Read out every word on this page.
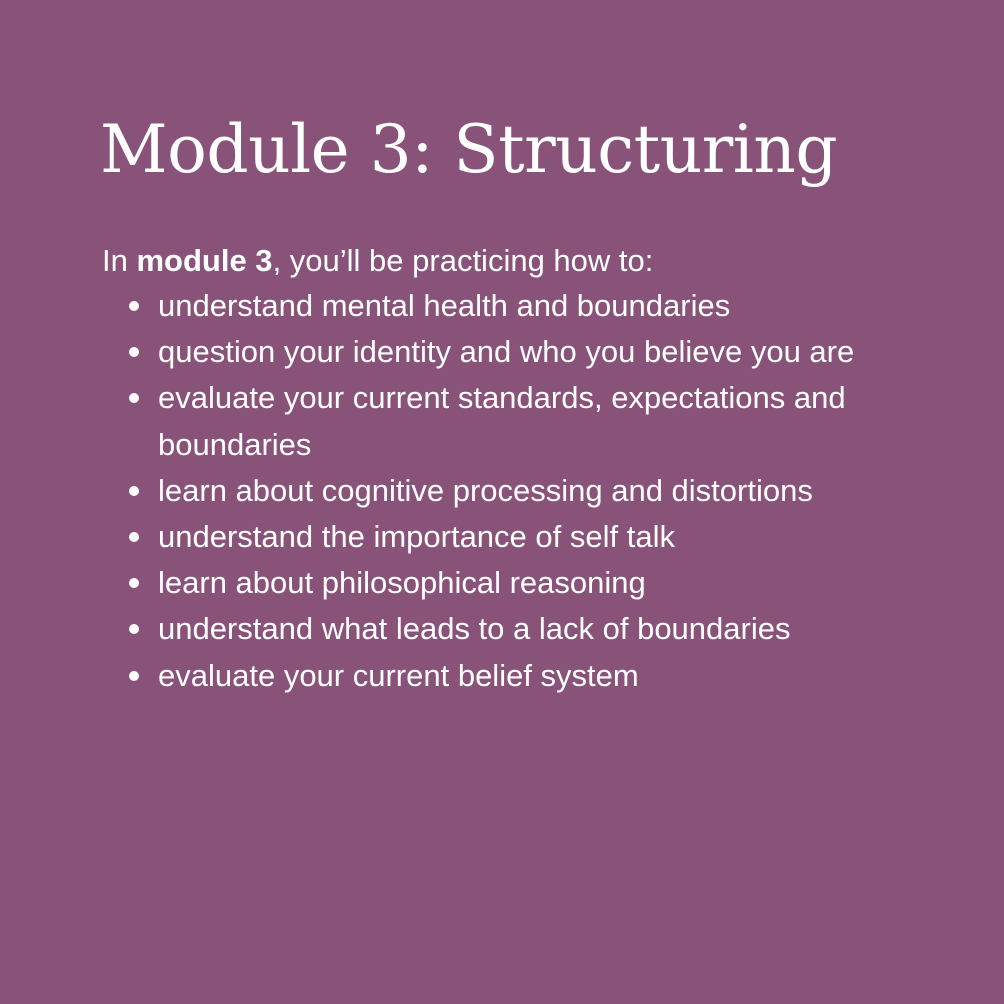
Module 3: Structuring

In module 3, you’ll be practicing how to:

understand mental health and boundaries
question your identity and who you believe you are
evaluate your current standards, expectations and boundaries
learn about cognitive processing and distortions
understand the importance of self talk
learn about philosophical reasoning
understand what leads to a lack of boundaries
evaluate your current belief system
